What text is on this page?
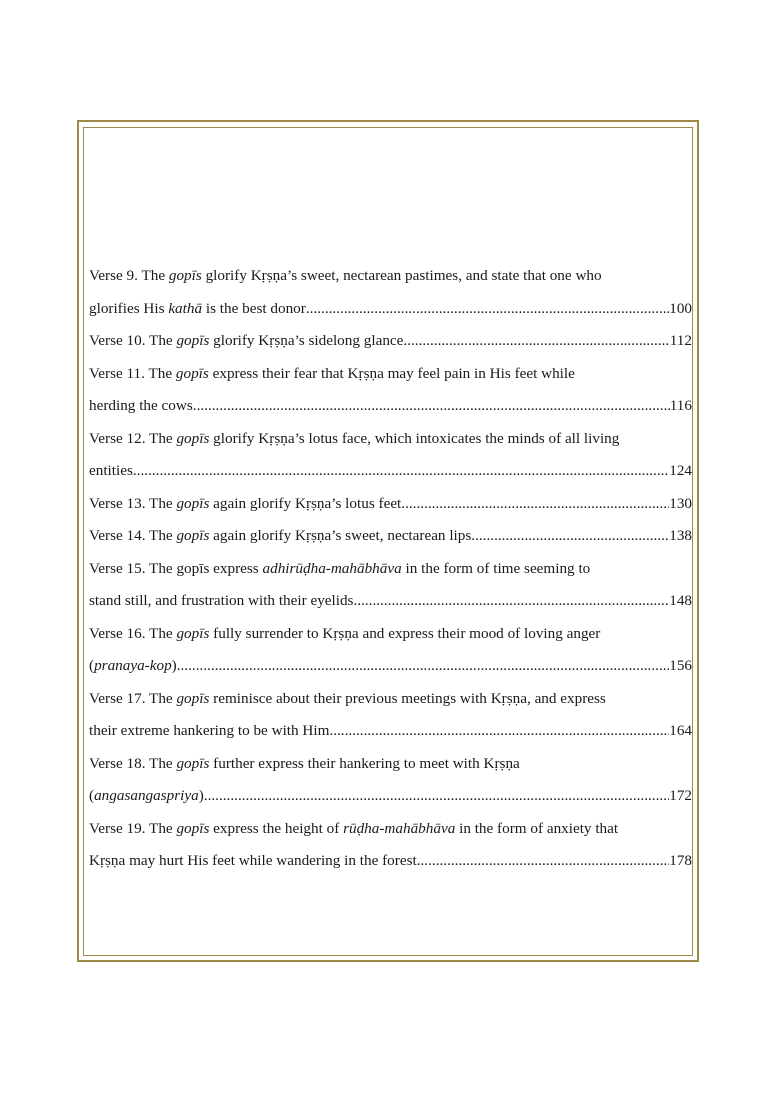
Verse 9. The gopīs glorify Kṛṣṇa’s sweet, nectarean pastimes, and state that one who
glorifies His kathā is the best donor .....	100
Verse 10. The gopīs glorify Kṛṣṇa’s sidelong glance .....	112
Verse 11. The gopīs express their fear that Kṛṣṇa may feel pain in His feet while
herding the cows .....	116
Verse 12. The gopīs glorify Kṛṣṇa’s lotus face, which intoxicates the minds of all living
entities .....	124
Verse 13. The gopīs again glorify Kṛṣṇa’s lotus feet .....	130
Verse 14. The gopīs again glorify Kṛṣṇa’s sweet, nectarean lips .....	138
Verse 15. The gopīs express adhirūḍha-mahābhāva in the form of time seeming to
stand still, and frustration with their eyelids .....	148
Verse 16. The gopīs fully surrender to Kṛṣṇa and express their mood of loving anger
(pranaya-kop) .....	156
Verse 17. The gopīs reminisce about their previous meetings with Kṛṣṇa, and express
their extreme hankering to be with Him .....	164
Verse 18. The gopīs further express their hankering to meet with Kṛṣṇa
(angasangaspriya) .....	172
Verse 19. The gopīs express the height of rūḍha-mahābhāva in the form of anxiety that
Kṛṣṇa may hurt His feet while wandering in the forest .....	178
